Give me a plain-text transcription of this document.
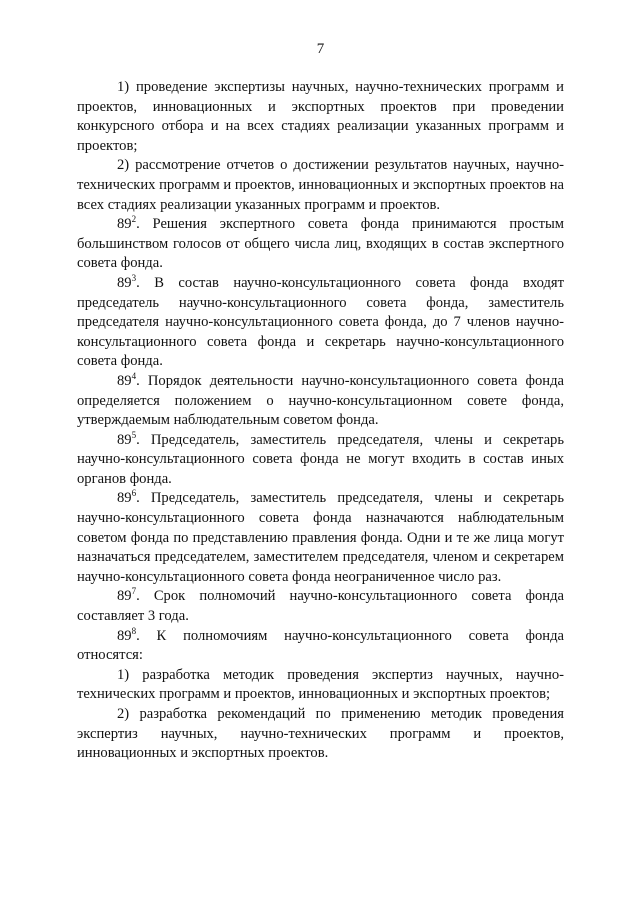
7

1) проведение экспертизы научных, научно-технических программ и проектов, инновационных и экспортных проектов при проведении конкурсного отбора и на всех стадиях реализации указанных программ и проектов;

2) рассмотрение отчетов о достижении результатов научных, научно-технических программ и проектов, инновационных и экспортных проектов на всех стадиях реализации указанных программ и проектов.

$89^2$. Решения экспертного совета фонда принимаются простым большинством голосов от общего числа лиц, входящих в состав экспертного совета фонда.

$89^3$. В состав научно-консультационного совета фонда входят председатель научно-консультационного совета фонда, заместитель председателя научно-консультационного совета фонда, до 7 членов научно-консультационного совета фонда и секретарь научно-консультационного совета фонда.

$89^4$. Порядок деятельности научно-консультационного совета фонда определяется положением о научно-консультационном совете фонда, утверждаемым наблюдательным советом фонда.

$89^5$. Председатель, заместитель председателя, члены и секретарь научно-консультационного совета фонда не могут входить в состав иных органов фонда.

$89^6$. Председатель, заместитель председателя, члены и секретарь научно-консультационного совета фонда назначаются наблюдательным советом фонда по представлению правления фонда. Одни и те же лица могут назначаться председателем, заместителем председателя, членом и секретарем научно-консультационного совета фонда неограниченное число раз.

$89^7$. Срок полномочий научно-консультационного совета фонда составляет 3 года.

$89^8$. К полномочиям научно-консультационного совета фонда относятся:

1) разработка методик проведения экспертиз научных, научно-технических программ и проектов, инновационных и экспортных проектов;

2) разработка рекомендаций по применению методик проведения экспертиз научных, научно-технических программ и проектов, инновационных и экспортных проектов.
